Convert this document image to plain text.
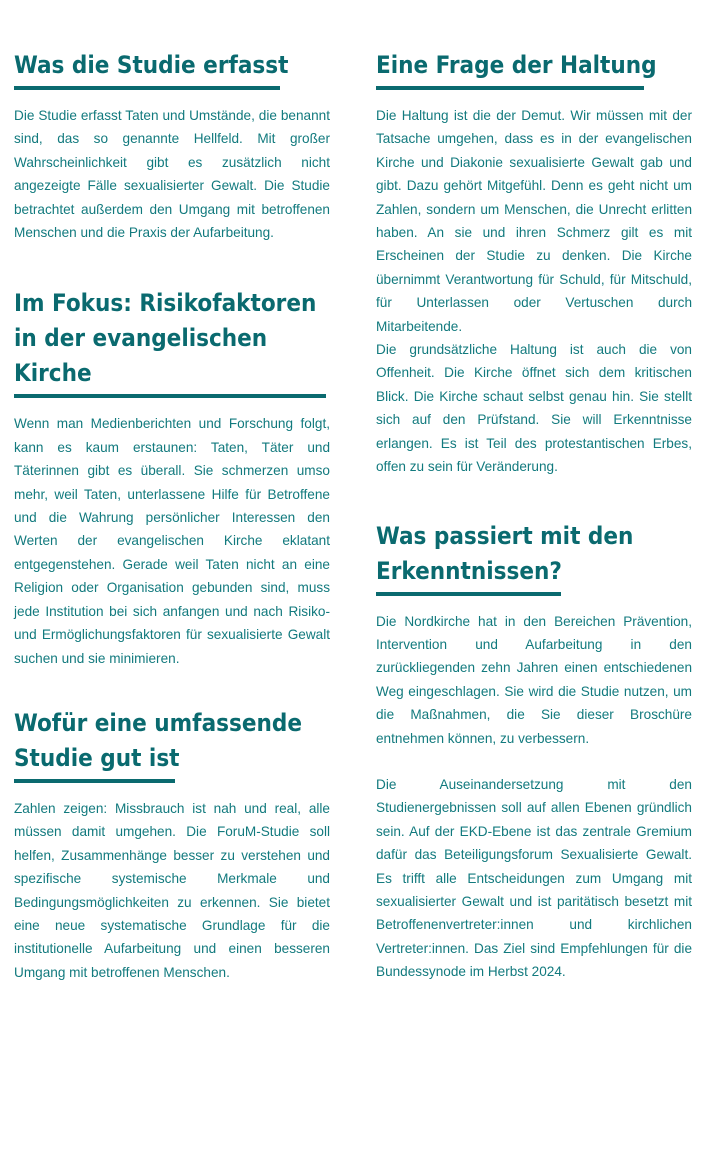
Was die Studie erfasst

Die Studie erfasst Taten und Umstände, die benannt sind, das so genannte Hellfeld. Mit großer Wahrscheinlichkeit gibt es zusätzlich nicht angezeigte Fälle sexualisierter Gewalt. Die Studie betrachtet außerdem den Umgang mit betroffenen Menschen und die Praxis der Aufarbeitung.

Im Fokus: Risikofaktoren
in der evangelischen Kirche

Wenn man Medienberichten und Forschung folgt, kann es kaum erstaunen: Taten, Täter und Täterinnen gibt es überall. Sie schmerzen umso mehr, weil Taten, unterlassene Hilfe für Betroffene und die Wahrung persönlicher Interessen den Werten der evangelischen Kirche eklatant entgegenstehen. Gerade weil Taten nicht an eine Religion oder Organisation gebunden sind, muss jede Institution bei sich anfangen und nach Risiko- und Ermöglichungsfaktoren für sexualisierte Gewalt suchen und sie minimieren.

Wofür eine umfassende
Studie gut ist

Zahlen zeigen: Missbrauch ist nah und real, alle müssen damit umgehen. Die ForuM-Studie soll helfen, Zusammenhänge besser zu verstehen und spezifische systemische Merkmale und Bedingungsmöglichkeiten zu erkennen. Sie bietet eine neue systematische Grundlage für die institutionelle Aufarbeitung und einen besseren Umgang mit betroffenen Menschen.

Eine Frage der Haltung

Die Haltung ist die der Demut. Wir müssen mit der Tatsache umgehen, dass es in der evangelischen Kirche und Diakonie sexualisierte Gewalt gab und gibt. Dazu gehört Mitgefühl. Denn es geht nicht um Zahlen, sondern um Menschen, die Unrecht erlitten haben. An sie und ihren Schmerz gilt es mit Erscheinen der Studie zu denken. Die Kirche übernimmt Verantwortung für Schuld, für Mitschuld, für Unterlassen oder Vertuschen durch Mitarbeitende.

Die grundsätzliche Haltung ist auch die von Offenheit. Die Kirche öffnet sich dem kritischen Blick. Die Kirche schaut selbst genau hin. Sie stellt sich auf den Prüfstand. Sie will Erkenntnisse erlangen. Es ist Teil des protestantischen Erbes, offen zu sein für Veränderung.

Was passiert mit den
Erkenntnissen?

Die Nordkirche hat in den Bereichen Prävention, Intervention und Aufarbeitung in den zurückliegenden zehn Jahren einen entschiedenen Weg eingeschlagen. Sie wird die Studie nutzen, um die Maßnahmen, die Sie dieser Broschüre entnehmen können, zu verbessern.

Die Auseinandersetzung mit den Studienergebnissen soll auf allen Ebenen gründlich sein. Auf der EKD-Ebene ist das zentrale Gremium dafür das Beteiligungsforum Sexualisierte Gewalt. Es trifft alle Entscheidungen zum Umgang mit sexualisierter Gewalt und ist paritätisch besetzt mit Betroffenenvertreter:innen und kirchlichen Vertreter:innen. Das Ziel sind Empfehlungen für die Bundessynode im Herbst 2024.
